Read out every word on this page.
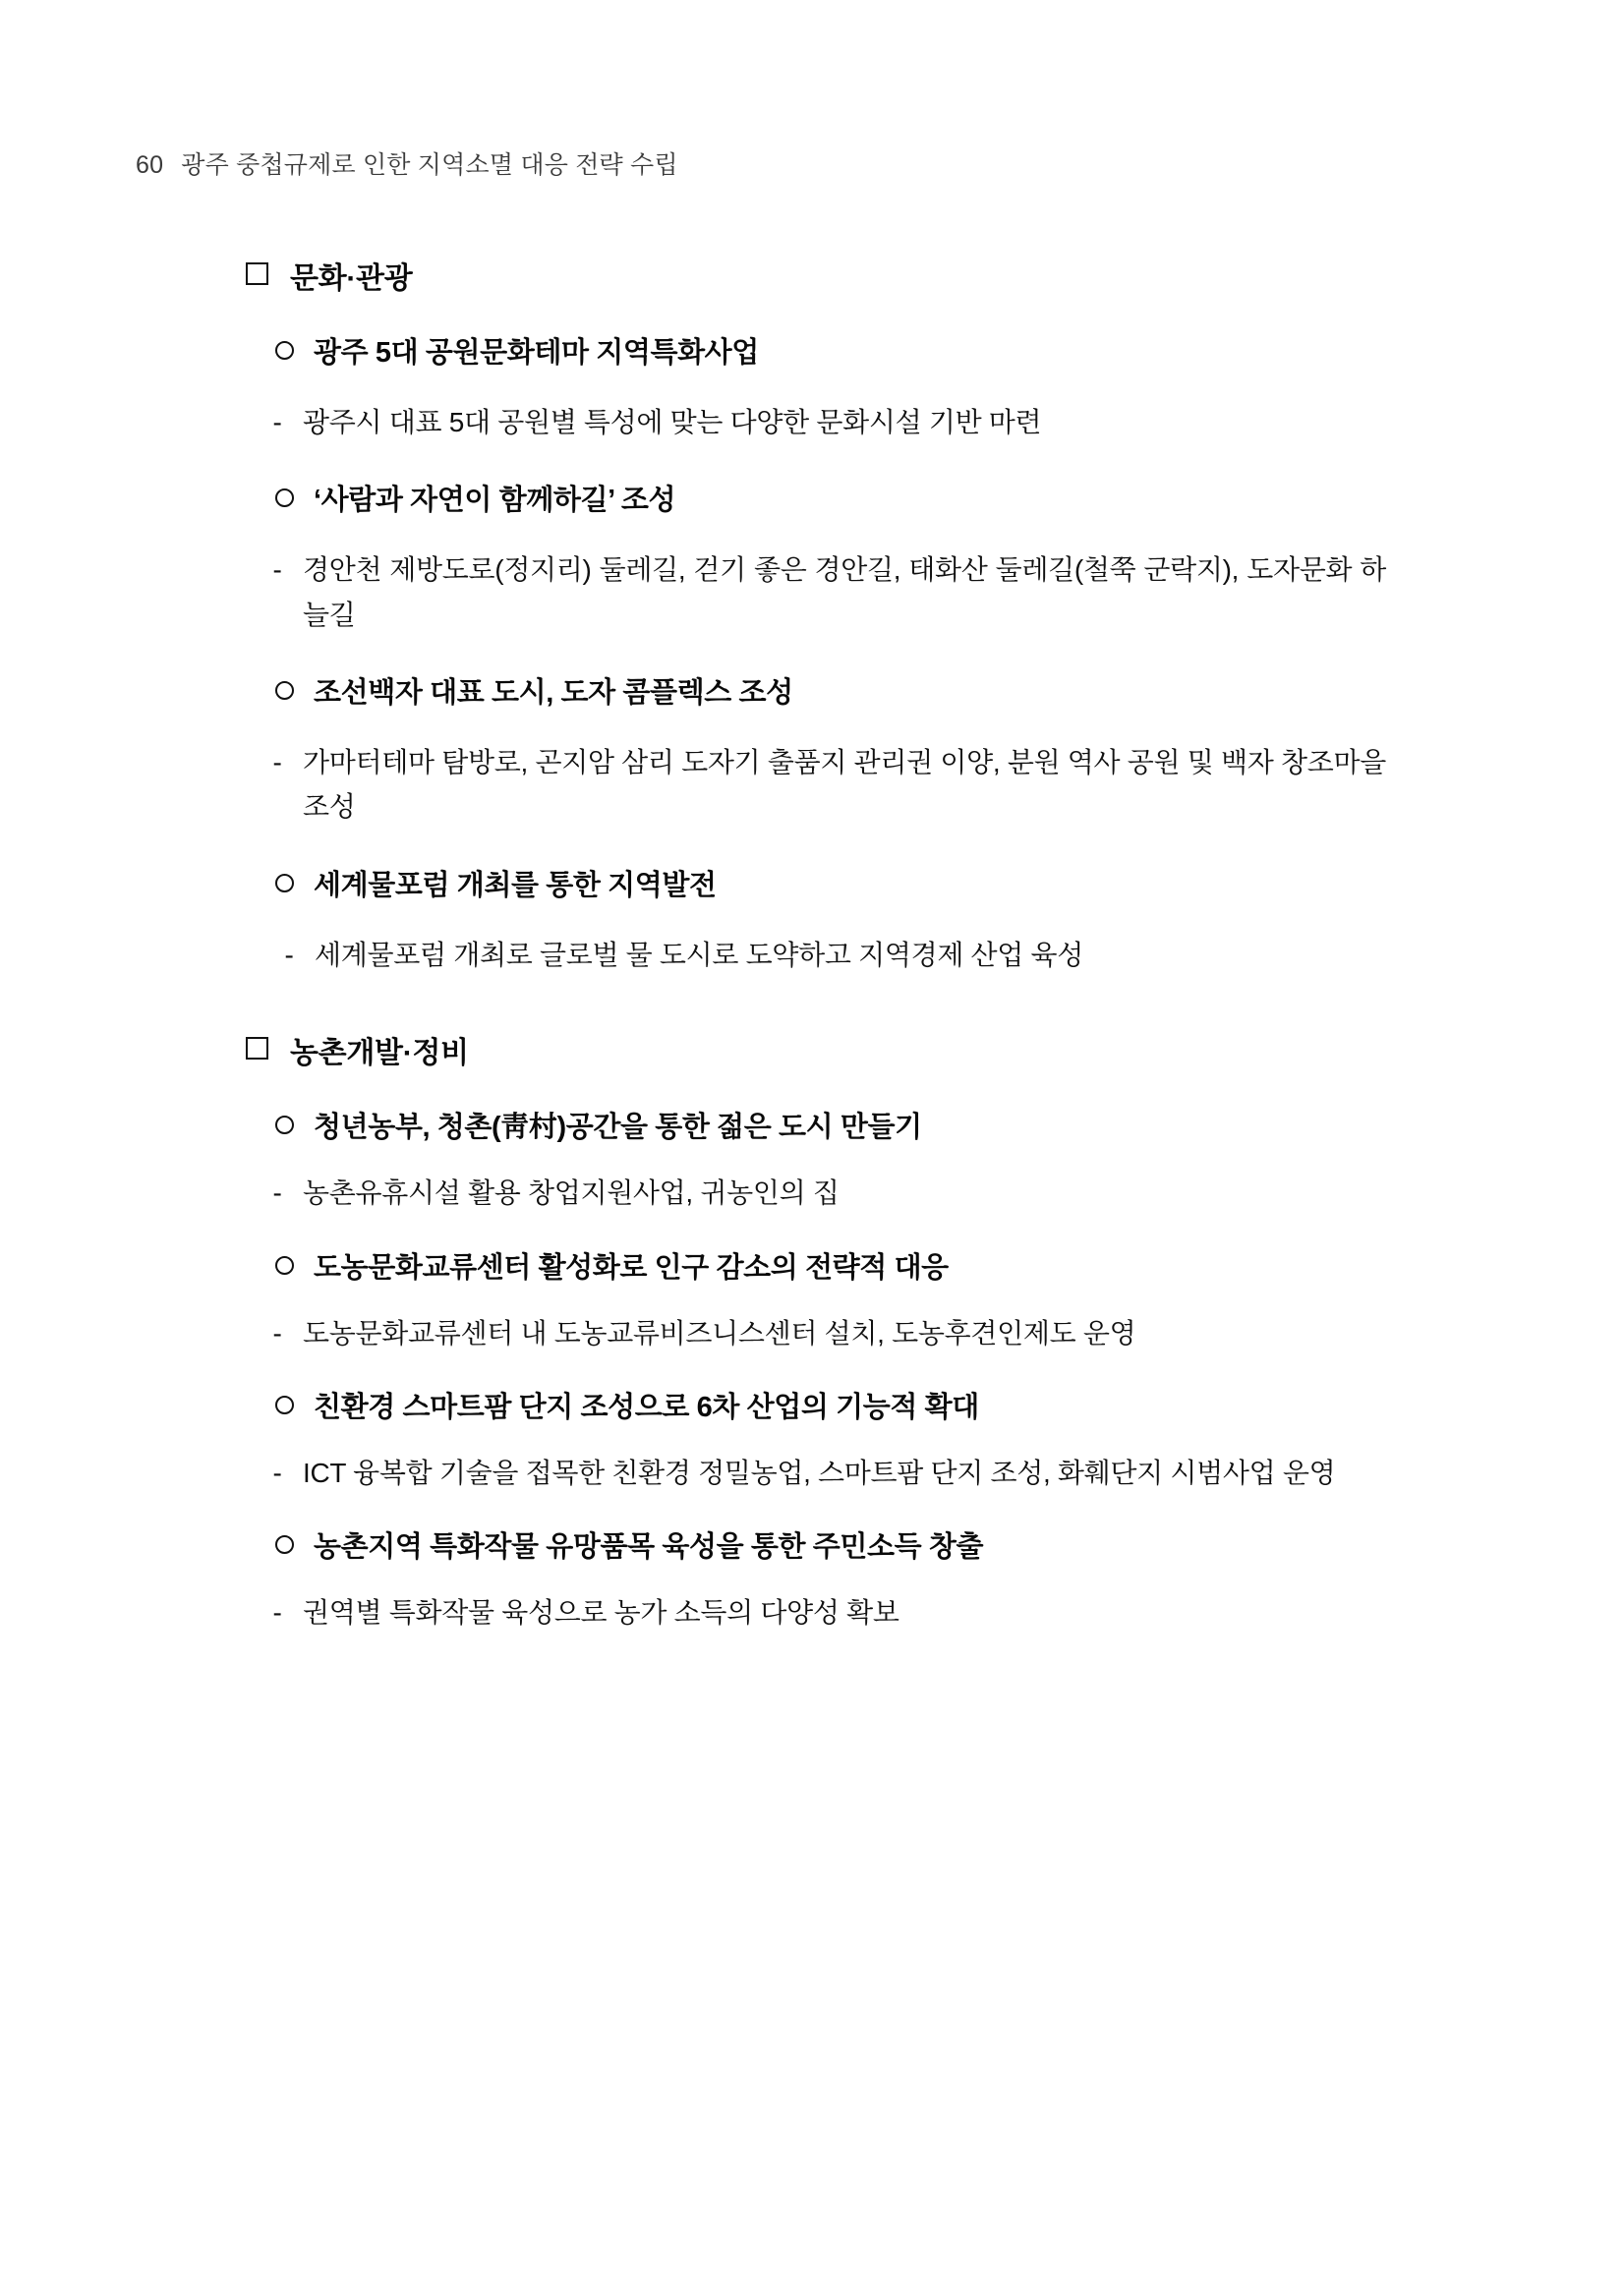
60 광주 중첩규제로 인한 지역소멸 대응 전략 수립
문화·관광
광주 5대 공원문화테마 지역특화사업
- 광주시 대표 5대 공원별 특성에 맞는 다양한 문화시설 기반 마련
‘사람과 자연이 함께하길’ 조성
- 경안천 제방도로(정지리) 둘레길, 걷기 좋은 경안길, 태화산 둘레길(철쭉 군락지), 도자문화 하늘길
조선백자 대표 도시, 도자 콤플렉스 조성
- 가마터테마 탐방로, 곤지암 삼리 도자기 출품지 관리권 이양, 분원 역사 공원 및 백자 창조마을 조성
세계물포럼 개최를 통한 지역발전
- 세계물포럼 개최로 글로벌 물 도시로 도약하고 지역경제 산업 육성
농촌개발·정비
청년농부, 청촌(靑村)공간을 통한 젊은 도시 만들기
- 농촌유휴시설 활용 창업지원사업, 귀농인의 집
도농문화교류센터 활성화로 인구 감소의 전략적 대응
- 도농문화교류센터 내 도농교류비즈니스센터 설치, 도농후견인제도 운영
친환경 스마트팜 단지 조성으로 6차 산업의 기능적 확대
- ICT 융복합 기술을 접목한 친환경 정밀농업, 스마트팜 단지 조성, 화훼단지 시범사업 운영
농촌지역 특화작물 유망품목 육성을 통한 주민소득 창출
- 권역별 특화작물 육성으로 농가 소득의 다양성 확보
